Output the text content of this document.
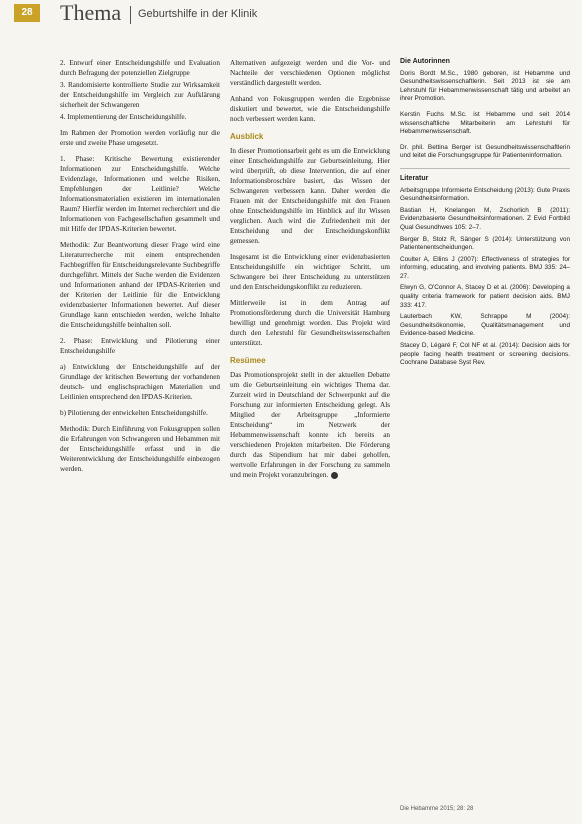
28	Thema Geburtshilfe in der Klinik
2. Entwurf einer Entscheidungshilfe und Evaluation durch Befragung der potenziellen Zielgruppe
3. Randomisierte kontrollierte Studie zur Wirksamkeit der Entscheidungshilfe im Vergleich zur Aufklärung sicherheit der Schwangeren
4. Implementierung der Entscheidungshilfe.

Im Rahmen der Promotion werden vorläufig nur die erste und zweite Phase umgesetzt.

1. Phase: Kritische Bewertung existierender Informationen zur Entscheidungshilfe. Welche Evidenzlage, Informationen und welche Risiken, Empfehlungen der Leitlinie? Welche Informationsmaterialien existieren im internationalen Raum? Hierfür werden im Internet recherchiert und die Informationen von Fachgesellschaften gesammelt und mit Hilfe der IPDAS-Kriterien bewertet.

Methodik: Zur Beantwortung dieser Frage wird eine Literaturrecherche mit einem entsprechenden Fachbegriffen für Entscheidungsrelevante Suchbegriffe durchgeführt. Mittels der Suche werden die Evidenzen und Informationen anhand der IPDAS-Kriterien und der Kriterien der Leitlinie für die Entwicklung evidenzbasierter Informationen bewertet. Auf dieser Grundlage kann entschieden werden, welche Inhalte die Entscheidungshilfe beinhalten soll.

2. Phase: Entwicklung und Pilotierung einer Entscheidungshilfe

a) Entwicklung der Entscheidungshilfe auf der Grundlage der kritischen Bewertung der vorhandenen deutsch- und englischsprachigen Materialien und Leitlinien entsprechend den IPDAS-Kriterien.

b) Pilotierung der entwickelten Entscheidungshilfe.

Methodik: Durch Einführung von Fokusgruppen sollen die Erfahrungen von Schwangeren und Hebammen mit der Entscheidungshilfe erfasst und in die Weiterentwicklung der Entscheidungshilfe einbezogen werden.

Alternativen aufgezeigt werden und die Vor- und Nachteile der verschiedenen Optionen möglichst verständlich dargestellt werden.

Anhand von Fokusgruppen werden die Ergebnisse diskutiert und bewertet, wie die Entscheidungshilfe noch verbessert werden kann.

Ausblick

In dieser Promotionsarbeit geht es um die Entwicklung einer Entscheidungshilfe zur Geburtseinleitung. Hier wird überprüft, ob diese Intervention, die auf einer Informationsbroschüre basiert, das Wissen der Schwangeren verbessern kann. Daher werden die Frauen mit der Entscheidungshilfe mit den Frauen ohne Entscheidungshilfe im Hinblick auf ihr Wissen verglichen. Auch wird die Zufriedenheit mit der Entscheidung und der Entscheidungskonflikt gemessen.

Insgesamt ist die Entwicklung einer evidenzbasierten Entscheidungshilfe ein wichtiger Schritt, um Schwangere bei ihrer Entscheidung zu unterstützen und den Entscheidungskonflikt zu reduzieren.

Mittlerweile ist in dem Antrag auf Promotionsförderung durch die Universität Hamburg bewilligt und genehmigt worden. Das Projekt wird durch den Lehrstuhl für Gesundheitswissenschaften unterstützt.

Resümee

Das Promotionsprojekt stellt in der aktuellen Debatte um die Geburtseinleitung ein wichtiges Thema dar. Zurzeit wird in Deutschland der Schwerpunkt auf die Forschung zur informierten Entscheidung gelegt. Als Mitglied der Arbeitsgruppe „Informierte Entscheidung“ im Netzwerk der Hebammenwissenschaft konnte ich bereits an verschiedenen Projekten mitarbeiten. Die Förderung durch das Stipendium hat mir dabei geholfen, wertvolle Erfahrungen in der Forschung zu sammeln und mein Projekt voranzubringen.

Die Autorinnen
Doris Bordt M.Sc., 1980 geboren, ist Hebamme und Gesundheitswissenschaftlerin. Seit 2013 ist sie am Lehrstuhl für Hebammenwissenschaft tätig und arbeitet an ihrer Promotion.
Kerstin Fuchs M.Sc. ist Hebamme und seit 2014 wissenschaftliche Mitarbeiterin am Lehrstuhl für Hebammenwissenschaft.
Dr. phil. Bettina Berger ist Gesundheitswissenschaftlerin und leitet die Forschungsgruppe für Patienteninformation.
Literatur
Arbeitsgruppe Informierte Entscheidung (2013): Gute Praxis Gesundheitsinformation.
Bastian H, Knelangen M, Zschorlich B (2011): Evidenzbasierte Gesundheitsinformationen. Z Evid Fortbild Qual Gesundhwes 105: 2–7.
Berger B, Stolz R, Sänger S (2014): Unterstützung von Patientenentscheidungen.
Coulter A, Ellins J (2007): Effectiveness of strategies for informing, educating, and involving patients. BMJ 335: 24–27.
Elwyn G, O'Connor A, Stacey D et al. (2006): Developing a quality criteria framework for patient decision aids. BMJ 333: 417.
Lauterbach KW, Schrappe M (2004): Gesundheitsökonomie, Qualitätsmanagement und Evidence-based Medicine.
Stacey D, Légaré F, Col NF et al. (2014): Decision aids for people facing health treatment or screening decisions. Cochrane Database Syst Rev.
Die Hebamme 2015; 28: 28
